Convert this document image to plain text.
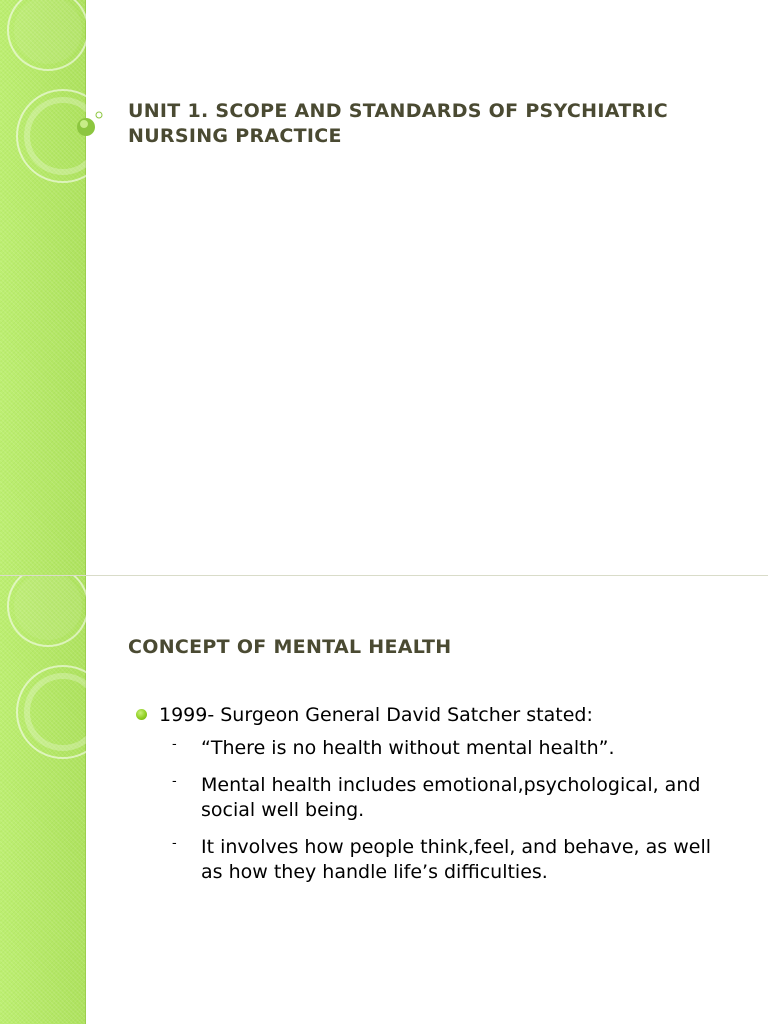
UNIT 1. SCOPE AND STANDARDS OF PSYCHIATRIC NURSING PRACTICE
CONCEPT OF MENTAL HEALTH
1999- Surgeon General David Satcher stated:
- “There is no health without mental health”.
- Mental health includes emotional,psychological, and social well being.
- It involves how people think,feel, and behave, as well as how they handle life’s difficulties.
